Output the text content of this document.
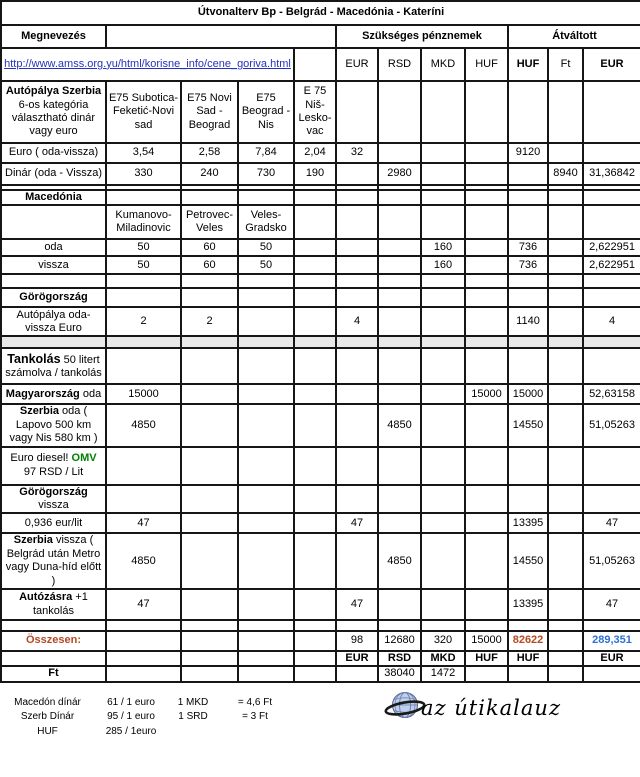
Útvonalterv Bp - Belgrád - Macedónia - Kateríni											
Megnevezés					Szükséges pénznemek				Átváltott		
http://www.amss.org.yu/html/korisne_info/cene_goriva.html					EUR	RSD	MKD	HUF	HUF	Ft	EUR
Autópálya Szerbia 6-os kategória választható dinár vagy euro	E75 Subotica-Feketić-Novi sad	E75 Novi Sad -Beograd	E75 Beograd - Nis	E 75 Niš-Lesko-vac							
Euro ( oda-vissza)	3,54	2,58	7,84	2,04	32				9120		
Dinár (oda - Vissza)	330	240	730	190		2980				8940	31,36842

Macedónia											
	Kumanovo-Miladinovic	Petrovec-Veles	Veles-Gradsko								
oda	50	60	50				160		736		2,622951
vissza	50	60	50				160		736		2,622951

Görögország											
Autópálya oda-vissza Euro	2	2			4				1140		4

Tankolás 50 litert számolva / tankolás											
Magyarország oda	15000							15000	15000		52,63158
Szerbia oda ( Lapovo 500 km vagy Nis 580 km )	4850					4850			14550		51,05263
Euro diesel! OMV 97 RSD / Lit											
Görögország vissza											
0,936 eur/lit	47				47				13395		47
Szerbia vissza ( Belgrád után Metro vagy Duna-híd előtt )	4850					4850			14550		51,05263
Autózásra +1 tankolás	47				47				13395		47

Összesen:					98	12680	320	15000	82622		289,351
					EUR	RSD	MKD	HUF	HUF		EUR
Ft						38040	1472				
Macedón dínár	61 / 1 euro	1 MKD	= 4,6 Ft
Szerb Dínár	95 / 1 euro	1 SRD	= 3 Ft
HUF	285 / 1euro
az útikalauz
